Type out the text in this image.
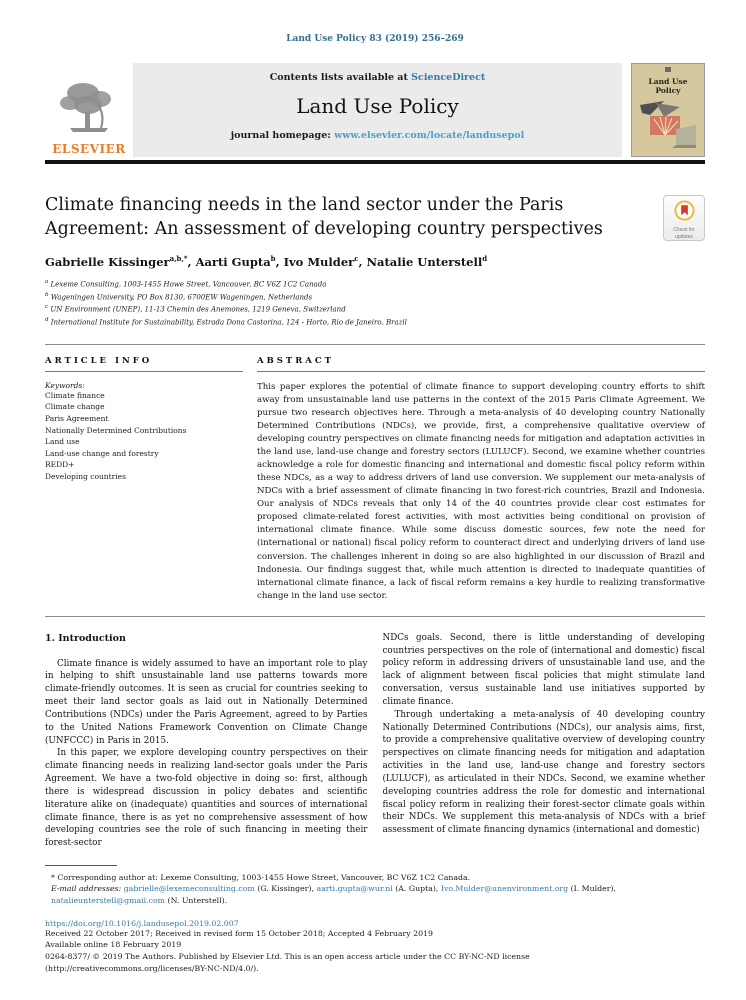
Land Use Policy 83 (2019) 256–269
ELSEVIER
Contents lists available at ScienceDirect
Land Use Policy
journal homepage: www.elsevier.com/locate/landusepol
Land Use Policy
Climate financing needs in the land sector under the Paris Agreement: An assessment of developing country perspectives	Check for updates
Gabrielle Kissinger$^{a,b,*}$, Aarti Gupta$^b$, Ivo Mulder$^c$, Natalie Unterstell$^d$
$^a$ Lexeme Consulting, 1003-1455 Howe Street, Vancouver, BC V6Z 1C2 Canada
$^b$ Wageningen University, PO Box 8130, 6700EW Wageningen, Netherlands
$^c$ UN Environment (UNEP), 11-13 Chemin des Anemones, 1219 Geneva, Switzerland
$^d$ International Institute for Sustainability, Estrada Dona Castorina, 124 - Horto, Rio de Janeiro, Brazil
ARTICLE INFO
Keywords:
Climate finance
Climate change
Paris Agreement
Nationally Determined Contributions
Land use
Land-use change and forestry
REDD+
Developing countries
ABSTRACT

This paper explores the potential of climate finance to support developing country efforts to shift away from unsustainable land use patterns in the context of the 2015 Paris Climate Agreement. We pursue two research objectives here. Through a meta-analysis of 40 developing country Nationally Determined Contributions (NDCs), we provide, first, a comprehensive qualitative overview of developing country perspectives on climate financing needs for mitigation and adaptation activities in the land use, land-use change and forestry sectors (LULUCF). Second, we examine whether countries acknowledge a role for domestic financing and international and domestic fiscal policy reform within these NDCs, as a way to address drivers of land use conversion. We supplement our meta-analysis of NDCs with a brief assessment of climate financing in two forest-rich countries, Brazil and Indonesia. Our analysis of NDCs reveals that only 14 of the 40 countries provide clear cost estimates for proposed climate-related forest activities, with most activities being conditional on provision of international climate finance. While some discuss domestic sources, few note the need for (international or national) fiscal policy reform to counteract direct and underlying drivers of land use conversion. The challenges inherent in doing so are also highlighted in our discussion of Brazil and Indonesia. Our findings suggest that, while much attention is directed to inadequate quantities of international climate finance, a lack of fiscal reform remains a key hurdle to realizing transformative change in the land use sector.

1. Introduction

Climate finance is widely assumed to have an important role to play in helping to shift unsustainable land use patterns towards more climate-friendly outcomes. It is seen as crucial for countries seeking to meet their land sector goals as laid out in Nationally Determined Contributions (NDCs) under the Paris Agreement, agreed to by Parties to the United Nations Framework Convention on Climate Change (UNFCCC) in Paris in 2015.

In this paper, we explore developing country perspectives on their climate financing needs in realizing land-sector goals under the Paris Agreement. We have a two-fold objective in doing so: first, although there is widespread discussion in policy debates and scientific literature alike on (inadequate) quantities and sources of international climate finance, there is as yet no comprehensive assessment of how developing countries see the role of such financing in meeting their forest-sector

NDCs goals. Second, there is little understanding of developing countries perspectives on the role of (international and domestic) fiscal policy reform in addressing drivers of unsustainable land use, and the lack of alignment between fiscal policies that might stimulate land conversation, versus sustainable land use initiatives supported by climate finance.

Through undertaking a meta-analysis of 40 developing country Nationally Determined Contributions (NDCs), our analysis aims, first, to provide a comprehensive qualitative overview of developing country perspectives on climate financing needs for mitigation and adaptation activities in the land use, land-use change and forestry sectors (LULUCF), as articulated in their NDCs. Second, we examine whether developing countries address the role for domestic and international fiscal policy reform in realizing their forest-sector climate goals within their NDCs. We supplement this meta-analysis of NDCs with a brief assessment of climate financing dynamics (international and domestic)

* Corresponding author at: Lexeme Consulting, 1003-1455 Howe Street, Vancouver, BC V6Z 1C2 Canada.
E-mail addresses: gabrielle@lexemeconsulting.com (G. Kissinger), aarti.gupta@wur.nl (A. Gupta), Ivo.Mulder@unenvironment.org (I. Mulder), natalieunterstell@gmail.com (N. Unterstell).
https://doi.org/10.1016/j.landusepol.2019.02.007
Received 22 October 2017; Received in revised form 15 October 2018; Accepted 4 February 2019
Available online 18 February 2019
0264-8377/ © 2019 The Authors. Published by Elsevier Ltd. This is an open access article under the CC BY-NC-ND license
(http://creativecommons.org/licenses/BY-NC-ND/4.0/).
